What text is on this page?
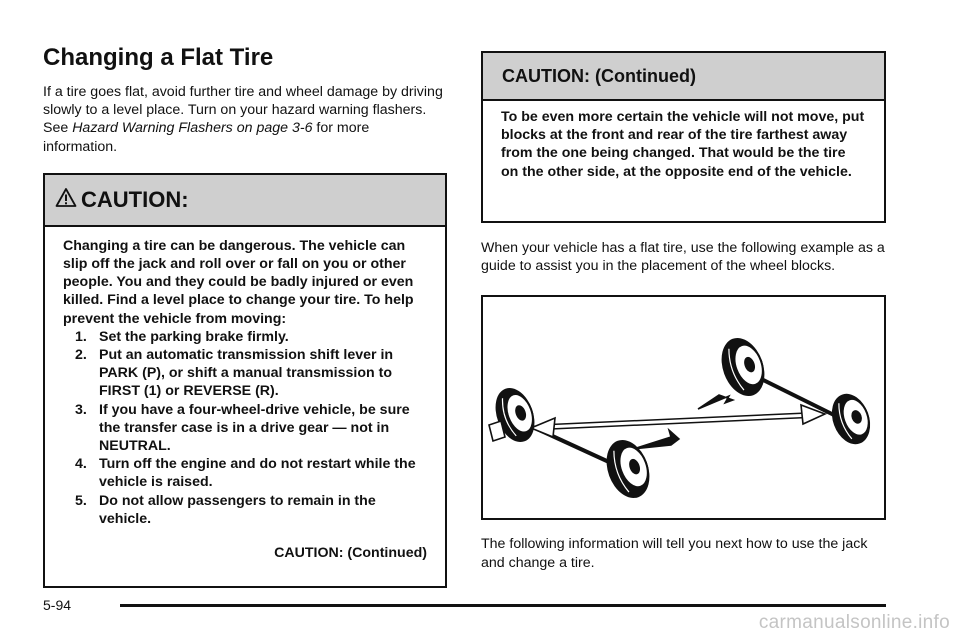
Changing a Flat Tire

If a tire goes flat, avoid further tire and wheel damage by driving slowly to a level place. Turn on your hazard warning flashers. See Hazard Warning Flashers on page 3-6 for more information.

CAUTION:

Changing a tire can be dangerous. The vehicle can slip off the jack and roll over or fall on you or other people. You and they could be badly injured or even killed. Find a level place to change your tire. To help prevent the vehicle from moving:

1. Set the parking brake firmly.
2. Put an automatic transmission shift lever in PARK (P), or shift a manual transmission to FIRST (1) or REVERSE (R).
3. If you have a four-wheel-drive vehicle, be sure the transfer case is in a drive gear — not in NEUTRAL.
4. Turn off the engine and do not restart while the vehicle is raised.
5. Do not allow passengers to remain in the vehicle.

CAUTION: (Continued)

CAUTION: (Continued)

To be even more certain the vehicle will not move, put blocks at the front and rear of the tire farthest away from the one being changed. That would be the tire on the other side, at the opposite end of the vehicle.

When your vehicle has a flat tire, use the following example as a guide to assist you in the placement of the wheel blocks.

The following information will tell you next how to use the jack and change a tire.

5-94
carmanualsonline.info
